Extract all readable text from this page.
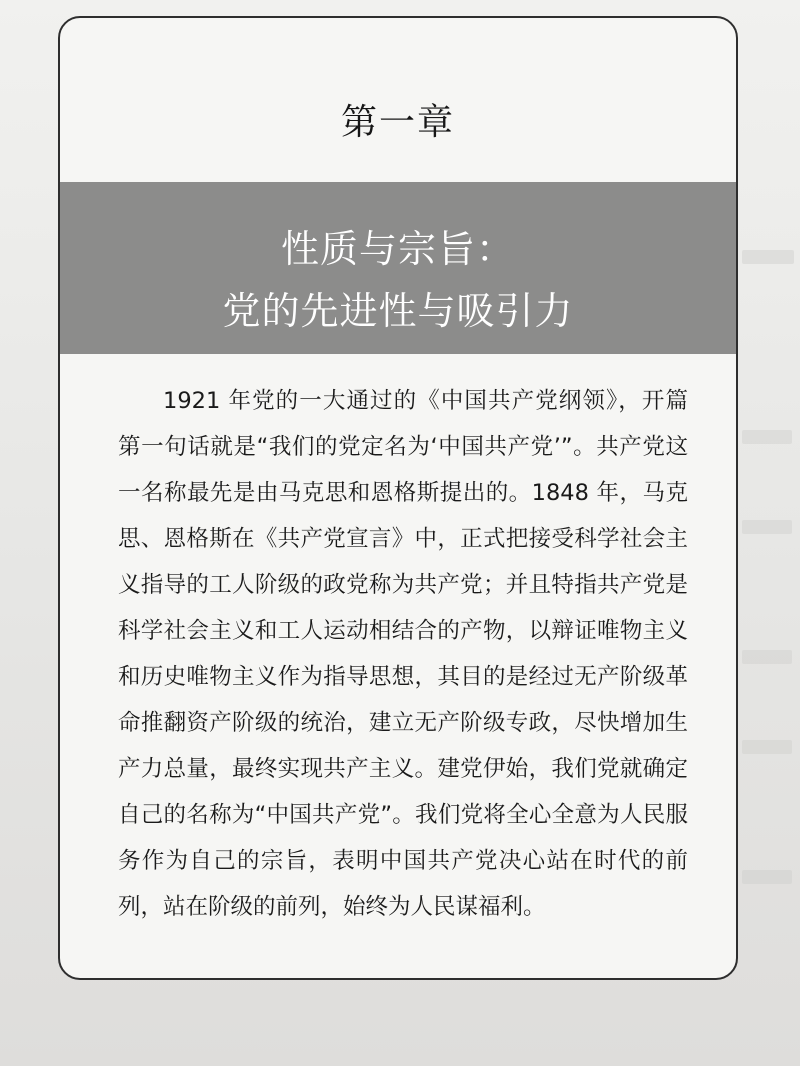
第一章
性质与宗旨：
党的先进性与吸引力

1921 年党的一大通过的《中国共产党纲领》，开篇第一句话就是“我们的党定名为‘中国共产党’”。共产党这一名称最先是由马克思和恩格斯提出的。1848 年，马克思、恩格斯在《共产党宣言》中，正式把接受科学社会主义指导的工人阶级的政党称为共产党；并且特指共产党是科学社会主义和工人运动相结合的产物，以辩证唯物主义和历史唯物主义作为指导思想，其目的是经过无产阶级革命推翻资产阶级的统治，建立无产阶级专政，尽快增加生产力总量，最终实现共产主义。建党伊始，我们党就确定自己的名称为“中国共产党”。我们党将全心全意为人民服务作为自己的宗旨，表明中国共产党决心站在时代的前列，站在阶级的前列，始终为人民谋福利。
